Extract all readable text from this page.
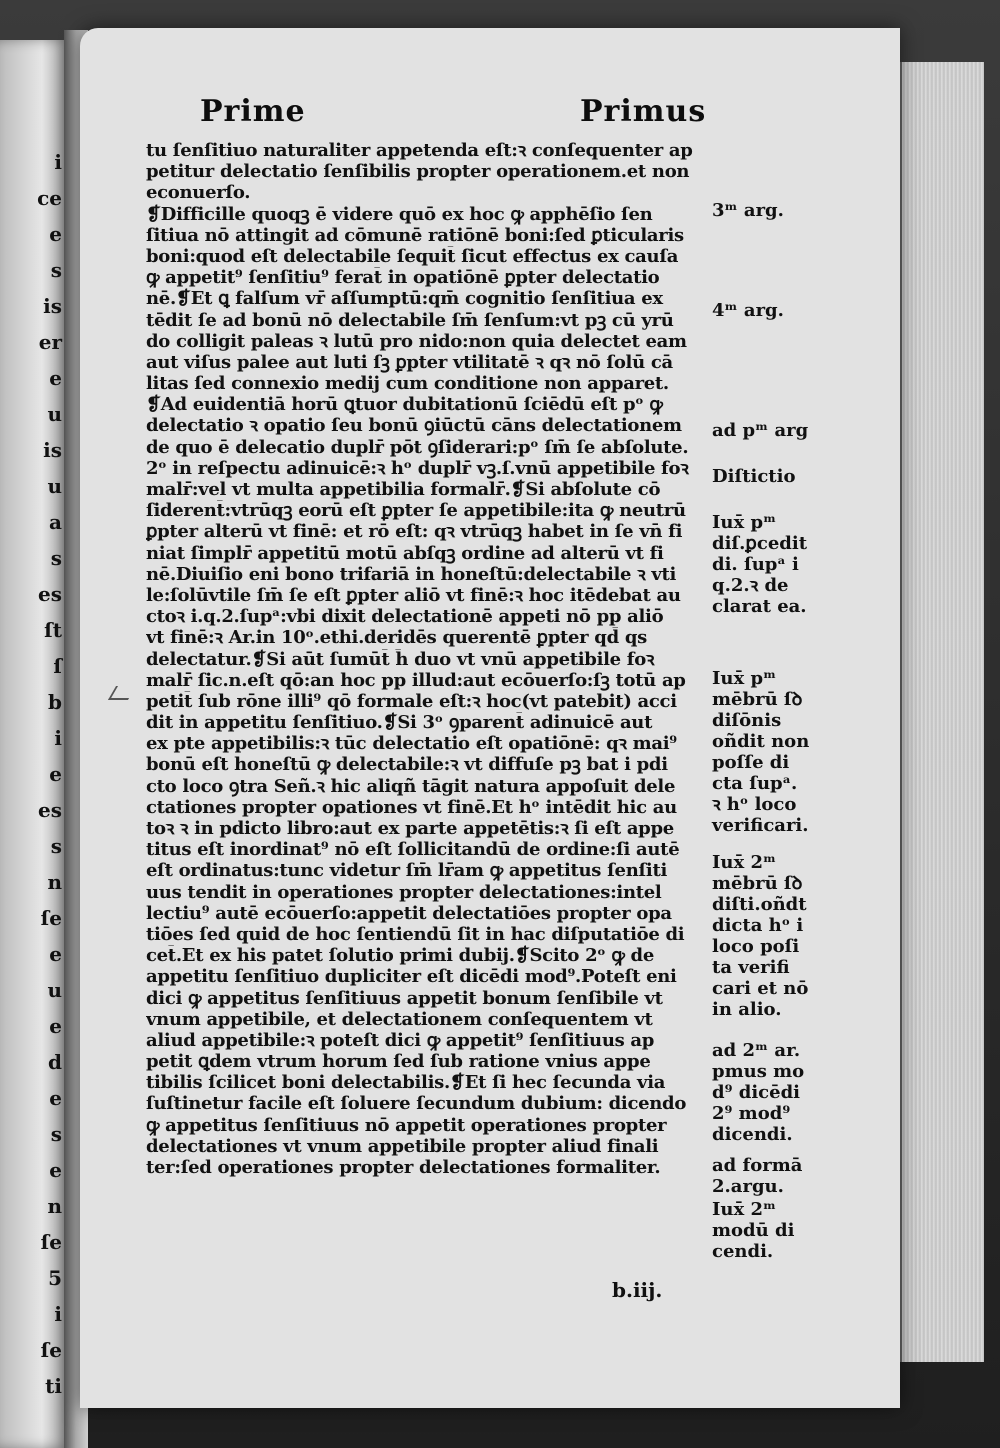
i
ce
e
s
is
er
e
u
is
u
a
s
es
ſt
ſ
b
i
e
es
s
n
ſe
e
u
e
d
e
s
e
n
ſe
5
i
ſe
ti
Prime	Primus
tu ſenſitiuo naturaliter appetenda eſt:ꝛ conſequenter ap
petitur delectatio ſenſibilis propter operationem.et non
econuerſo.
❡Difficille quoqꝫ ē videre quō ex hoc ꝙ apphēſio ſen
ſitiua nō attingit ad cōmunē ratiōnē boni:ſed ꝑticularis
boni:quod eſt delectabile ſequit̄ ſicut effectus ex cauſa
ꝙ appetit⁹ ſenſitiu⁹ ferat̄ in opatiōnē ꝑpter delectatio
nē.❡Et ꝗ falſum vr̄ aſſumptū:qm̄ cognitio ſenſitiua ex
tēdit ſe ad bonū nō delectabile ſm̄ ſenſum:vt pꝫ cū yrū
do colligit paleas ꝛ lutū pro nido:non quia delectet eam
aut viſus palee aut luti ſꝫ ꝑpter vtilitatē ꝛ qꝛ nō ſolū cā
litas ſed connexio medij cum conditione non apparet.
❡Ad euidentiā horū ꝗtuor dubitationū ſciēdū eſt pᵒ ꝙ
delectatio ꝛ opatio ſeu bonū ꝯiūctū cāns delectationem
de quo ē delecatio duplr̄ pōt ꝯſiderari:pᵒ ſm̄ ſe abſolute.
2ᵒ in reſpectu adinuicē:ꝛ hᵒ duplr̄ vꝫ.ſ.vnū appetibile foꝛ
malr̄:vel vt multa appetibilia formalr̄.❡Si abſolute cō
ſiderent̄:vtrūqꝫ eorū eſt ꝑpter ſe appetibile:ita ꝙ neutrū
ꝑpter alterū vt finē: et rō eſt: qꝛ vtrūqꝫ habet in ſe vn̄ fi
niat ſimplr̄ appetitū motū abſqꝫ ordine ad alterū vt fi
nē.Diuiſio eni bono trifariā in honeſtū:delectabile ꝛ vti
le:ſolūvtile ſm̄ ſe eſt ꝑpter aliō vt finē:ꝛ hoc itēdebat au
ctoꝛ i.q.2.ſupᵃ:vbi dixit delectationē appeti nō pp aliō
vt finē:ꝛ Ar.in 10ᵒ.ethi.deridēs querentē ꝑpter qd̄ qs
delectatur.❡Si aūt ſumūt̄ h̄ duo vt vnū appetibile foꝛ
malr̄ ſic.n.eſt qō:an hoc pp illud:aut ecōuerſo:ſꝫ totū ap
petit̄ ſub rōne illi⁹ qō formale eſt:ꝛ hoc(vt patebit) acci
dit in appetitu ſenſitiuo.❡Si 3ᵒ ꝯparent̄ adinuicē aut
ex pte appetibilis:ꝛ tūc delectatio eſt opatiōnē: qꝛ mai⁹
bonū eſt honeſtū ꝙ delectabile:ꝛ vt diffuſe pꝫ bat i pdi
cto loco ꝯtra Señ.ꝛ hic aliqñ tāgit natura appoſuit dele
ctationes propter opationes vt finē.Et hᵒ intēdit hic au
toꝛ ꝛ in pdicto libro:aut ex parte appetētis:ꝛ ſi eſt appe
titus eſt inordinat⁹ nō eſt ſollicitandū de ordine:ſi autē
eſt ordinatus:tunc videtur ſm̄ lr̄am ꝙ appetitus ſenſiti
uus tendit in operationes propter delectationes:intel
lectiu⁹ autē ecōuerſo:appetit delectatiōes propter opa
tiōes ſed quid de hoc ſentiendū ſit in hac diſputatiōe di
cet̄.Et ex his patet ſolutio primi dubij.❡Scito 2ᵒ ꝙ de
appetitu ſenſitiuo dupliciter eſt dicēdi mod⁹.Poteſt eni
dici ꝙ appetitus ſenſitiuus appetit bonum ſenſibile vt
vnum appetibile, et delectationem conſequentem vt
aliud appetibile:ꝛ poteſt dici ꝙ appetit⁹ ſenſitiuus ap
petit ꝗdem vtrum horum ſed ſub ratione vnius appe
tibilis ſcilicet boni delectabilis.❡Et ſi hec ſecunda via
ſuſtinetur facile eſt ſoluere ſecundum dubium: dicendo
ꝙ appetitus ſenſitiuus nō appetit operationes propter
delectationes vt vnum appetibile propter aliud finali
ter:ſed operationes propter delectationes formaliter.
3ᵐ arg.
4ᵐ arg.
ad pᵐ arg
Diſtictio
Iux̄ pᵐ
diſ.ꝑcedit
di. ſupᵃ i
q.2.ꝛ de
clarat ea.
Iux̄ pᵐ
mēbrū ſꝺ
diſōnis
oñdit non
poſſe di
cta ſupᵃ.
ꝛ hᵒ loco
verificari.
Iux̄ 2ᵐ
mēbrū ſꝺ
diſti.oñdt
dicta hᵒ i
loco poſi
ta verifi
cari et nō
in alio.
ad 2ᵐ ar.
pmus mo
d⁹ dicēdi
2⁹ mod⁹
dicendi.
ad formā
2.argu.
Iux̄ 2ᵐ
modū di
cendi.
b.iij.
